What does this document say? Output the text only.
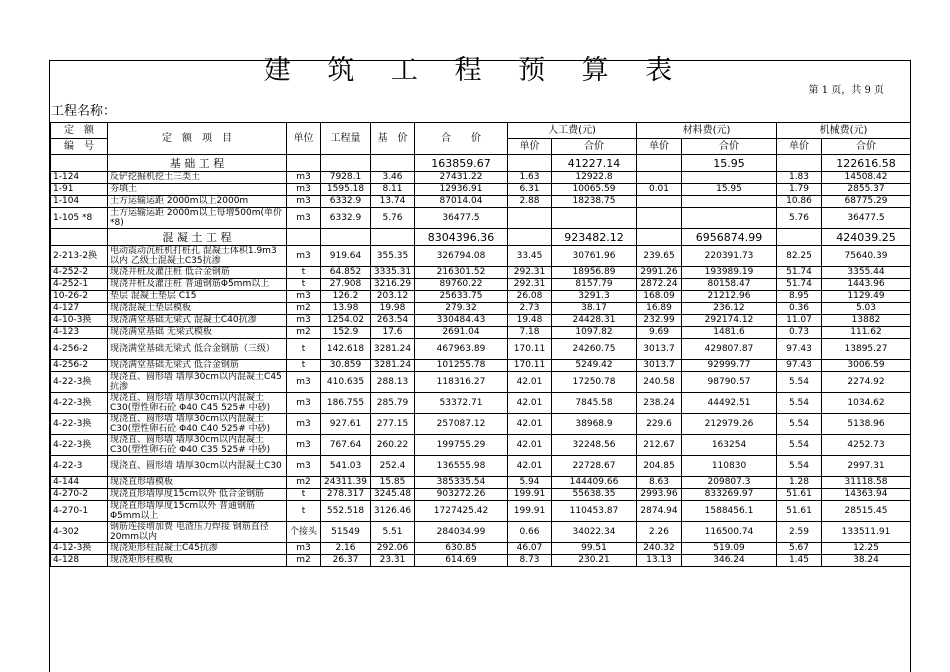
建 筑 工 程 预 算 表
第 1 页，共 9 页
工程名称：
定　额	定　额　项　目	单位	工程量	基　价	合　　价	人工费(元)		材料费(元)		机械费(元)	
编　号						单价	合价	单价	合价	单价	合价
	基 础 工 程				163859.67		41227.14		15.95		122616.58
1-124	反铲挖掘机挖土三类土	m3	7928.1	3.46	27431.22	1.63	12922.8			1.83	14508.42
1-91	夯填土	m3	1595.18	8.11	12936.91	6.31	10065.59	0.01	15.95	1.79	2855.37
1-104	土方运输运距 2000m以上2000m	m3	6332.9	13.74	87014.04	2.88	18238.75			10.86	68775.29
1-105 *8	土方运输运距 2000m以上每增500m(单价*8)	m3	6332.9	5.76	36477.5					5.76	36477.5
	混 凝 土 工 程				8304396.36		923482.12		6956874.99		424039.25
2-213-2换	电动震动沉桩机打桩孔 混凝土体积1.9m3以内 乙级土混凝土C35抗渗	m3	919.64	355.35	326794.08	33.45	30761.96	239.65	220391.73	82.25	75640.39
4-252-2	现浇井桩及灌注桩 低合金钢筋	t	64.852	3335.31	216301.52	292.31	18956.89	2991.26	193989.19	51.74	3355.44
4-252-1	现浇井桩及灌注桩 普通钢筋Φ5mm以上	t	27.908	3216.29	89760.22	292.31	8157.79	2872.24	80158.47	51.74	1443.96
10-26-2	垫层 混凝土垫层 C15	m3	126.2	203.12	25633.75	26.08	3291.3	168.09	21212.96	8.95	1129.49
4-127	现浇混凝土垫层模板	m2	13.98	19.98	279.32	2.73	38.17	16.89	236.12	0.36	5.03
4-10-3换	现浇满堂基础无梁式 混凝土C40抗渗	m3	1254.02	263.54	330484.43	19.48	24428.31	232.99	292174.12	11.07	13882
4-123	现浇满堂基础 无梁式模板	m2	152.9	17.6	2691.04	7.18	1097.82	9.69	1481.6	0.73	111.62
4-256-2	现浇满堂基础无梁式 低合金钢筋（三级）	t	142.618	3281.24	467963.89	170.11	24260.75	3013.7	429807.87	97.43	13895.27
4-256-2	现浇满堂基础无梁式 低合金钢筋	t	30.859	3281.24	101255.78	170.11	5249.42	3013.7	92999.77	97.43	3006.59
4-22-3换	现浇直、圆形墙 墙厚30cm以内混凝土C45抗渗	m3	410.635	288.13	118316.27	42.01	17250.78	240.58	98790.57	5.54	2274.92
4-22-3换	现浇直、圆形墙 墙厚30cm以内混凝土C30(塑性卵石砼 Φ40 C45 525# 中砂)	m3	186.755	285.79	53372.71	42.01	7845.58	238.24	44492.51	5.54	1034.62
4-22-3换	现浇直、圆形墙 墙厚30cm以内混凝土C30(塑性卵石砼 Φ40 C40 525# 中砂)	m3	927.61	277.15	257087.12	42.01	38968.9	229.6	212979.26	5.54	5138.96
4-22-3换	现浇直、圆形墙 墙厚30cm以内混凝土C30(塑性卵石砼 Φ40 C35 525# 中砂)	m3	767.64	260.22	199755.29	42.01	32248.56	212.67	163254	5.54	4252.73
4-22-3	现浇直、圆形墙 墙厚30cm以内混凝土C30	m3	541.03	252.4	136555.98	42.01	22728.67	204.85	110830	5.54	2997.31
4-144	现浇直形墙模板	m2	24311.39	15.85	385335.54	5.94	144409.66	8.63	209807.3	1.28	31118.58
4-270-2	现浇直形墙厚度15cm以外 低合金钢筋	t	278.317	3245.48	903272.26	199.91	55638.35	2993.96	833269.97	51.61	14363.94
4-270-1	现浇直形墙厚度15cm以外 普通钢筋Φ5mm以上	t	552.518	3126.46	1727425.42	199.91	110453.87	2874.94	1588456.1	51.61	28515.45
4-302	钢筋连接增加费 电渣压力焊接 钢筋直径20mm以内	个接头	51549	5.51	284034.99	0.66	34022.34	2.26	116500.74	2.59	133511.91
4-12-3换	现浇矩形柱混凝土C45抗渗	m3	2.16	292.06	630.85	46.07	99.51	240.32	519.09	5.67	12.25
4-128	现浇矩形柱模板	m2	26.37	23.31	614.69	8.73	230.21	13.13	346.24	1.45	38.24
